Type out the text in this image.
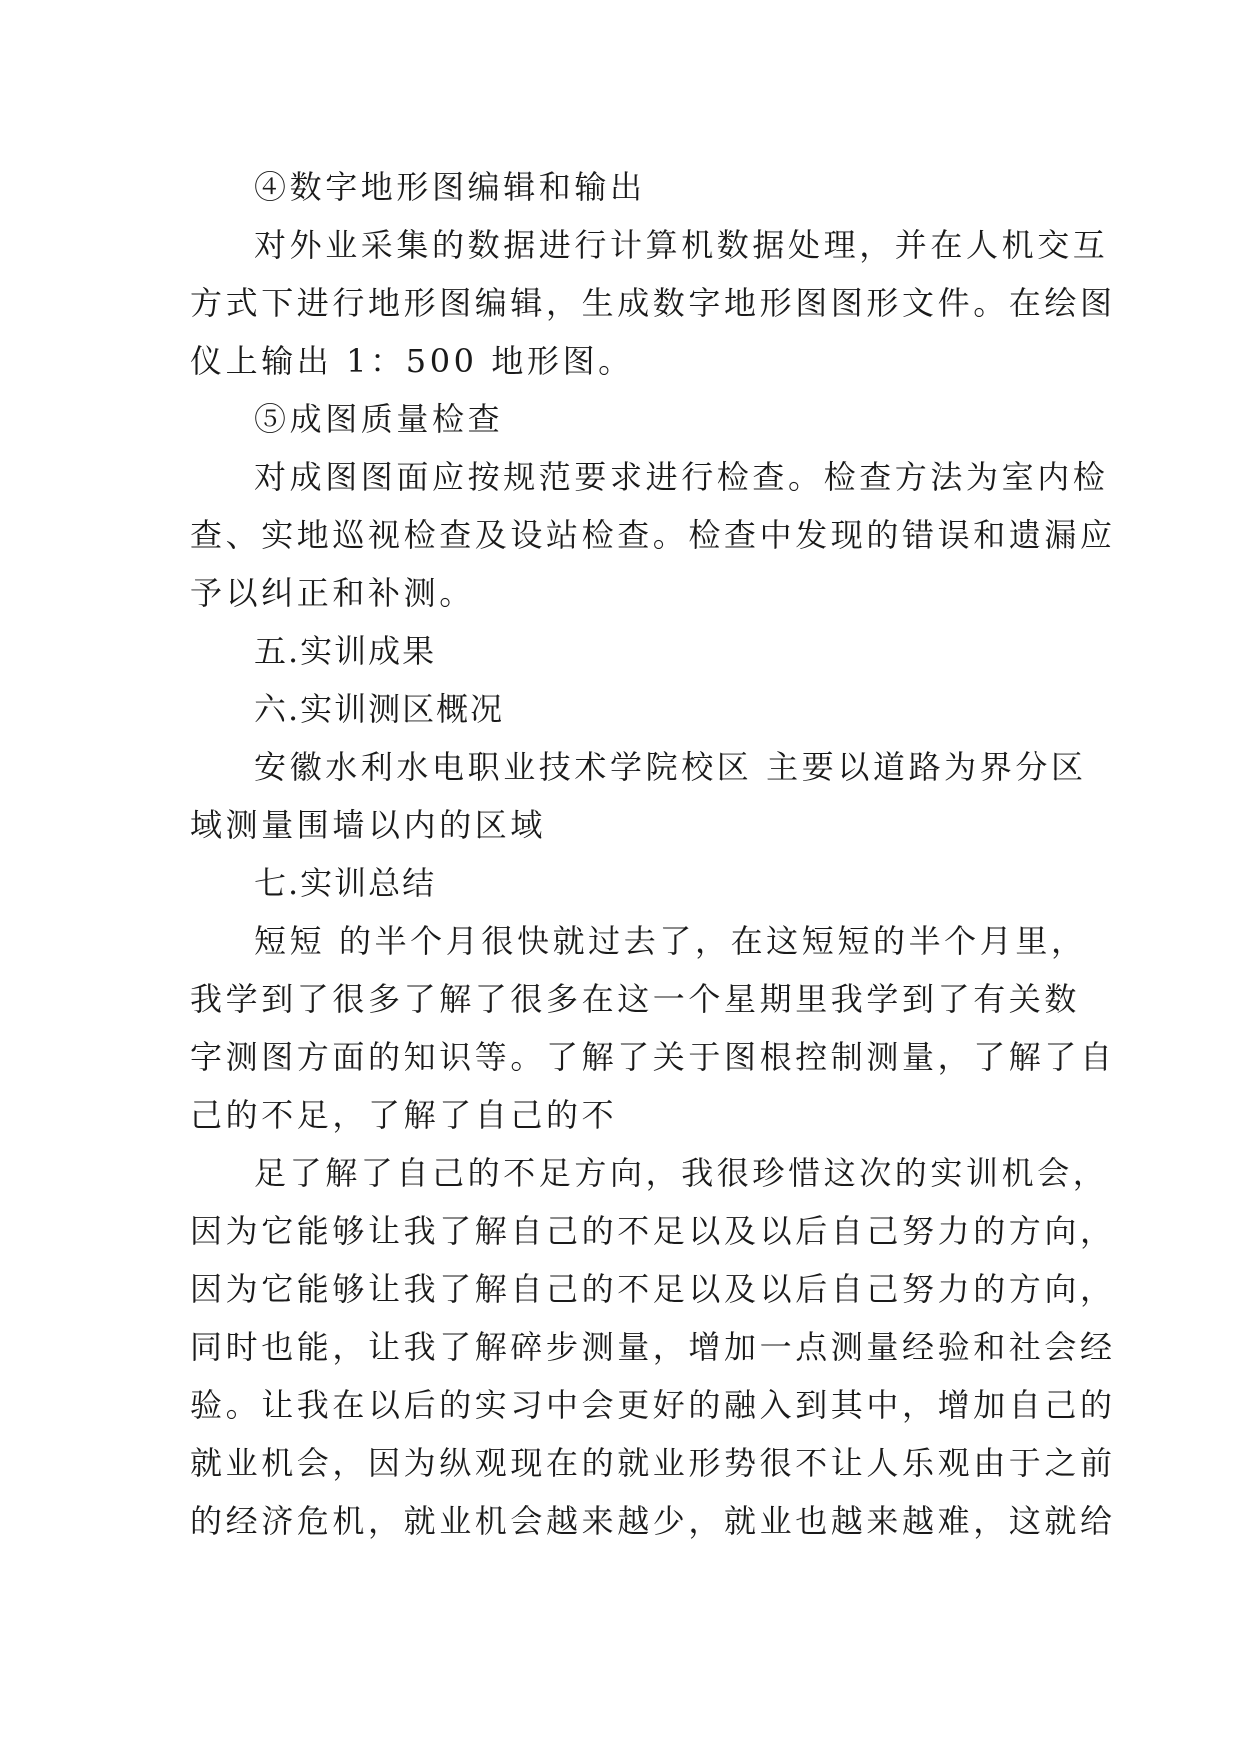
④数字地形图编辑和输出
对外业采集的数据进行计算机数据处理，并在人机交互
方式下进行地形图编辑，生成数字地形图图形文件。在绘图
仪上输出 1：500 地形图。
⑤成图质量检查
对成图图面应按规范要求进行检查。检查方法为室内检
查、实地巡视检查及设站检查。检查中发现的错误和遗漏应
予以纠正和补测。
五.实训成果
六.实训测区概况
安徽水利水电职业技术学院校区 主要以道路为界分区
域测量围墙以内的区域
七.实训总结
短短 的半个月很快就过去了，在这短短的半个月里，
我学到了很多了解了很多在这一个星期里我学到了有关数
字测图方面的知识等。了解了关于图根控制测量，了解了自
己的不足，了解了自己的不
足了解了自己的不足方向，我很珍惜这次的实训机会，
因为它能够让我了解自己的不足以及以后自己努力的方向，
因为它能够让我了解自己的不足以及以后自己努力的方向，
同时也能，让我了解碎步测量，增加一点测量经验和社会经
验。让我在以后的实习中会更好的融入到其中，增加自己的
就业机会，因为纵观现在的就业形势很不让人乐观由于之前
的经济危机，就业机会越来越少，就业也越来越难，这就给
